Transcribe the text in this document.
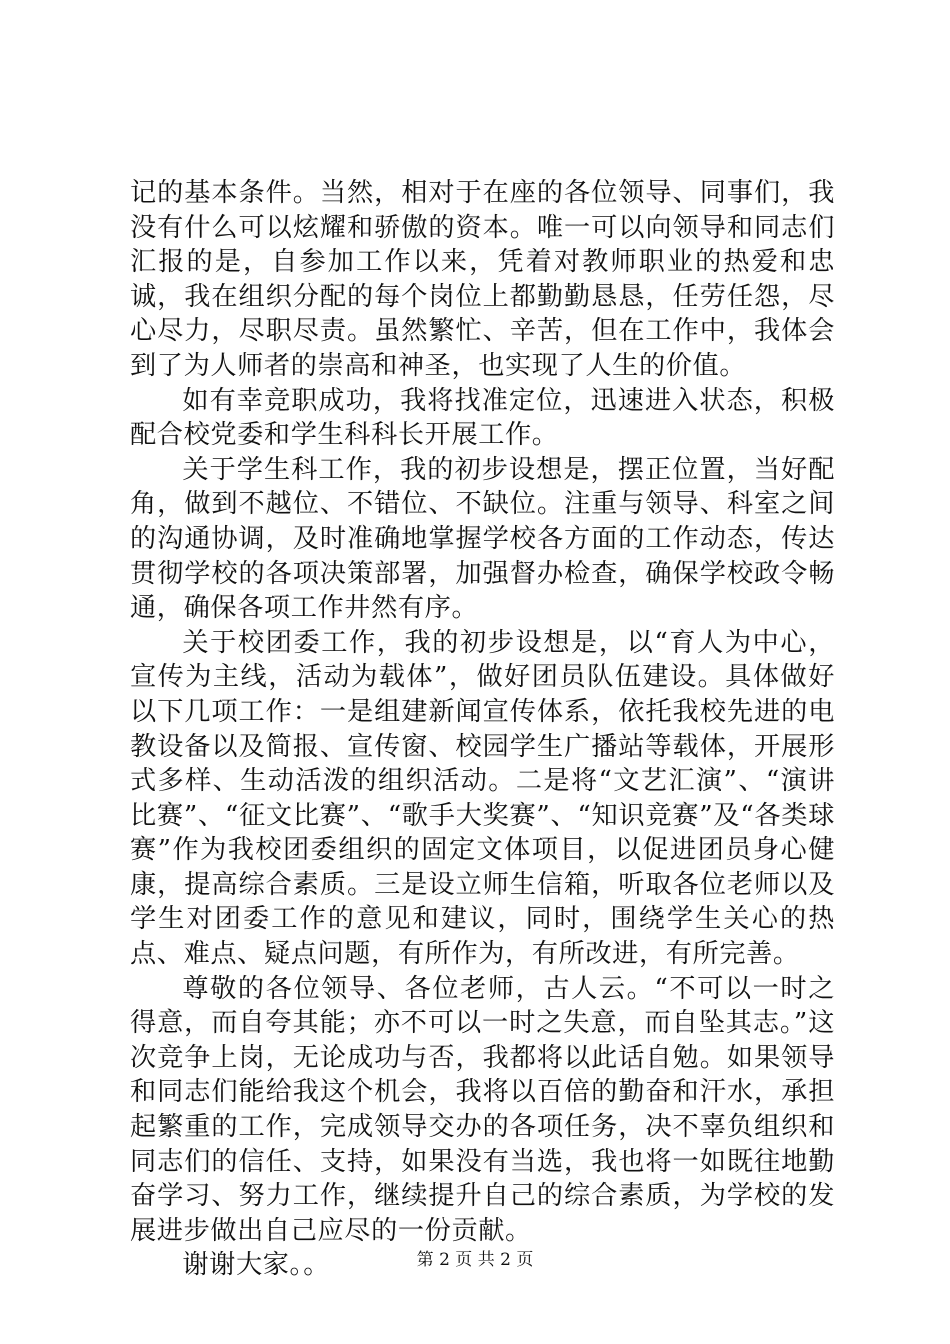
记的基本条件。当然，相对于在座的各位领导、同事们，我没有什么可以炫耀和骄傲的资本。唯一可以向领导和同志们汇报的是，自参加工作以来，凭着对教师职业的热爱和忠诚，我在组织分配的每个岗位上都勤勤恳恳，任劳任怨，尽心尽力，尽职尽责。虽然繁忙、辛苦，但在工作中，我体会到了为人师者的崇高和神圣，也实现了人生的价值。

如有幸竞职成功，我将找准定位，迅速进入状态，积极配合校党委和学生科科长开展工作。

关于学生科工作，我的初步设想是，摆正位置，当好配角，做到不越位、不错位、不缺位。注重与领导、科室之间的沟通协调，及时准确地掌握学校各方面的工作动态，传达贯彻学校的各项决策部署，加强督办检查，确保学校政令畅通，确保各项工作井然有序。

关于校团委工作，我的初步设想是，以“育人为中心，宣传为主线，活动为载体”，做好团员队伍建设。具体做好以下几项工作：一是组建新闻宣传体系，依托我校先进的电教设备以及简报、宣传窗、校园学生广播站等载体，开展形式多样、生动活泼的组织活动。二是将“文艺汇演”、“演讲比赛”、“征文比赛”、“歌手大奖赛”、“知识竞赛”及“各类球赛”作为我校团委组织的固定文体项目，以促进团员身心健康，提高综合素质。三是设立师生信箱，听取各位老师以及学生对团委工作的意见和建议，同时，围绕学生关心的热点、难点、疑点问题，有所作为，有所改进，有所完善。

尊敬的各位领导、各位老师，古人云。“不可以一时之得意，而自夸其能；亦不可以一时之失意，而自坠其志。”这次竞争上岗，无论成功与否，我都将以此话自勉。如果领导和同志们能给我这个机会，我将以百倍的勤奋和汗水，承担起繁重的工作，完成领导交办的各项任务，决不辜负组织和同志们的信任、支持，如果没有当选，我也将一如既往地勤奋学习、努力工作，继续提升自己的综合素质，为学校的发展进步做出自己应尽的一份贡献。

谢谢大家。。	第 2 页 共 2 页
